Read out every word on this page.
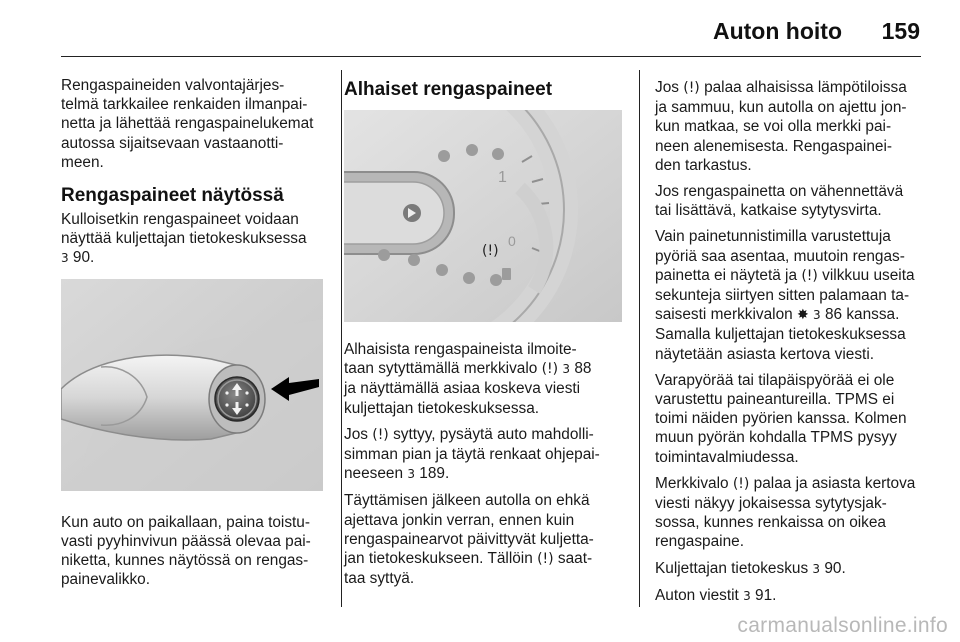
Auton hoito 159

Rengaspaineiden valvontajärjes-
telmä tarkkailee renkaiden ilmanpai-
netta ja lähettää rengaspainelukemat
autossa sijaitsevaan vastaanotti-
meen.

Rengaspaineet näytössä

Kulloisetkin rengaspaineet voidaan
näyttää kuljettajan tietokeskuksessa
3 90.

Kun auto on paikallaan, paina toistu-
vasti pyyhinvivun päässä olevaa pai-
niketta, kunnes näytössä on rengas-
painevalikko.

Alhaiset rengaspaineet
1
0
(!)

Alhaisista rengaspaineista ilmoite-
taan sytyttämällä merkkivalo (!) 3 88
ja näyttämällä asiaa koskeva viesti
kuljettajan tietokeskuksessa.

Jos (!) syttyy, pysäytä auto mahdolli-
simman pian ja täytä renkaat ohjepai-
neeseen 3 189.

Täyttämisen jälkeen autolla on ehkä
ajettava jonkin verran, ennen kuin
rengaspainearvot päivittyvät kuljetta-
jan tietokeskukseen. Tällöin (!) saat-
taa syttyä.

Jos (!) palaa alhaisissa lämpötiloissa
ja sammuu, kun autolla on ajettu jon-
kun matkaa, se voi olla merkki pai-
neen alenemisesta. Rengaspainei-
den tarkastus.

Jos rengaspainetta on vähennettävä
tai lisättävä, katkaise sytytysvirta.

Vain painetunnistimilla varustettuja
pyöriä saa asentaa, muutoin rengas-
painetta ei näytetä ja (!) vilkkuu useita
sekunteja siirtyen sitten palamaan ta-
saisesti merkkivalon ✸ 3 86 kanssa.
Samalla kuljettajan tietokeskuksessa
näytetään asiasta kertova viesti.

Varapyörää tai tilapäispyörää ei ole
varustettu paineantureilla. TPMS ei
toimi näiden pyörien kanssa. Kolmen
muun pyörän kohdalla TPMS pysyy
toimintavalmiudessa.

Merkkivalo (!) palaa ja asiasta kertova
viesti näkyy jokaisessa sytytysjak-
sossa, kunnes renkaissa on oikea
rengaspaine.

Kuljettajan tietokeskus 3 90.

Auton viestit 3 91.

carmanualsonline.info
